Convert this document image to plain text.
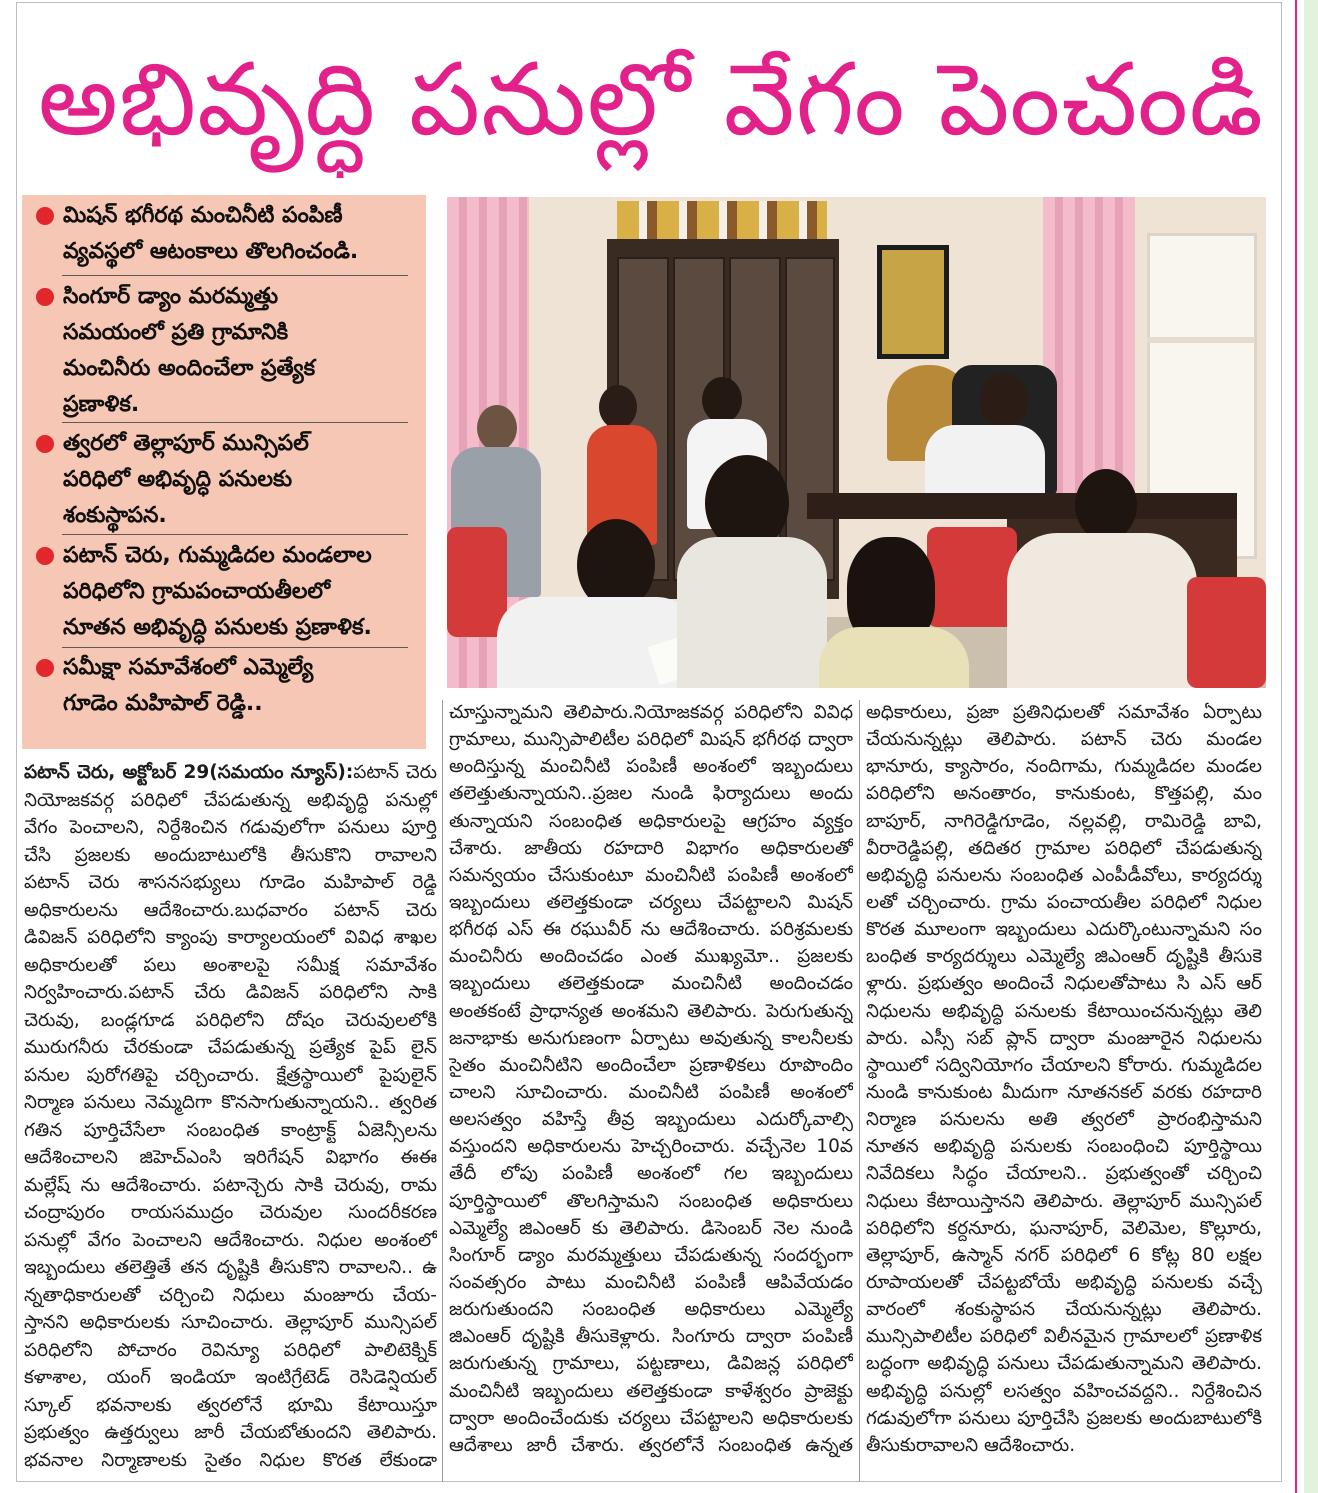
అభివృద్ధి పనుల్లో వేగం పెంచండి
మిషన్ భగీరథ మంచినీటి పంపిణీ
వ్యవస్థలో ఆటంకాలు తొలగించండి.
సింగూర్ డ్యాం మరమ్మత్తు
సమయంలో ప్రతి గ్రామానికి
మంచినీరు అందించేలా ప్రత్యేక
ప్రణాళిక.
త్వరలో తెల్లాపూర్ మున్సిపల్
పరిధిలో అభివృద్ధి పనులకు
శంకుస్థాపన.
పటాన్ చెరు, గుమ్మడిదల మండలాల
పరిధిలోని గ్రామపంచాయతీలలో
నూతన అభివృద్ధి పనులకు ప్రణాళిక.
సమీక్షా సమావేశంలో ఎమ్మెల్యే
గూడెం మహిపాల్ రెడ్డి..
పటాన్ చెరు, అక్టోబర్ 29(సమయం న్యూస్):పటాన్ చెరు
నియోజకవర్గ పరిధిలో చేపడుతున్న అభివృద్ధి పనుల్లో
వేగం పెంచాలని, నిర్దేశించిన గడువులోగా పనులు పూర్తి
చేసి ప్రజలకు అందుబాటులోకి తీసుకొని రావాలని
పటాన్ చెరు శాసనసభ్యులు గూడెం మహిపాల్ రెడ్డి
అధికారులను ఆదేశించారు.బుధవారం పటాన్ చెరు
డివిజన్ పరిధిలోని క్యాంపు కార్యాలయంలో వివిధ శాఖల
అధికారులతో పలు అంశాలపై సమీక్ష సమావేశం
నిర్వహించారు.పటాన్ చేరు డివిజన్ పరిధిలోని సాకి
చెరువు, బండ్లగూడ పరిధిలోని దోషం చెరువులలోకి
మురుగనీరు చేరకుండా చేపడుతున్న ప్రత్యేక పైప్ లైన్
పనుల పురోగతిపై చర్చించారు. క్షేత్రస్థాయిలో పైపులైన్
నిర్మాణ పనులు నెమ్మదిగా కొనసాగుతున్నాయని.. త్వరిత
గతిన పూర్తిచేసేలా సంబంధిత కాంట్రాక్ట్ ఏజెన్సీలను
ఆదేశించాలని జిహెచ్ఎంసి ఇరిగేషన్ విభాగం ఈఈ
మల్లేష్ ను ఆదేశించారు. పటాన్చెరు సాకి చెరువు, రామ
చంద్రాపురం రాయసముద్రం చెరువుల సుందరీకరణ
పనుల్లో వేగం పెంచాలని ఆదేశించారు. నిధుల అంశంలో
ఇబ్బందులు తలెత్తితే తన దృష్టికి తీసుకొని రావాలని.. ఉ
న్నతాధికారులతో చర్చించి నిధులు మంజూరు చేయ-
స్తానని అధికారులకు సూచించారు. తెల్లాపూర్ మున్సిపల్
పరిధిలోని పోచారం రెవిన్యూ పరిధిలో పాలిటెక్నిక్
కళాశాల, యంగ్ ఇండియా ఇంటిగ్రేటెడ్ రెసిడెన్షియల్
స్కూల్ భవనాలకు త్వరలోనే భూమి కేటాయిస్తూ
ప్రభుత్వం ఉత్తర్వులు జారీ చేయబోతుందని తెలిపారు.
భవనాల నిర్మాణాలకు సైతం నిధుల కొరత లేకుండా
చూస్తున్నామని తెలిపారు.నియోజకవర్గ పరిధిలోని వివిధ
గ్రామాలు, మున్సిపాలిటీల పరిధిలో మిషన్ భగీరథ ద్వారా
అందిస్తున్న మంచినీటి పంపిణీ అంశంలో ఇబ్బందులు
తలెత్తుతున్నాయని..ప్రజల నుండి ఫిర్యాదులు అందు
తున్నాయని సంబంధిత అధికారులపై ఆగ్రహం వ్యక్తం
చేశారు. జాతీయ రహదారి విభాగం అధికారులతో
సమన్వయం చేసుకుంటూ మంచినీటి పంపిణీ అంశంలో
ఇబ్బందులు తలెత్తకుండా చర్యలు చేపట్టాలని మిషన్
భగీరథ ఎస్ ఈ రఘువీర్ ను ఆదేశించారు. పరిశ్రమలకు
మంచినీరు అందించడం ఎంత ముఖ్యమో.. ప్రజలకు
ఇబ్బందులు తలెత్తకుండా మంచినీటి అందించడం
అంతకంటే ప్రాధాన్యత అంశమని తెలిపారు. పెరుగుతున్న
జనాభాకు అనుగుణంగా ఏర్పాటు అవుతున్న కాలనీలకు
సైతం మంచినీటిని అందించేలా ప్రణాళికలు రూపొందిం
చాలని సూచించారు. మంచినీటి పంపిణీ అంశంలో
అలసత్వం వహిస్తే తీవ్ర ఇబ్బందులు ఎదుర్కోవాల్సి
వస్తుందని అధికారులను హెచ్చరించారు. వచ్చేనెల 10వ
తేదీ లోపు పంపిణీ అంశంలో గల ఇబ్బందులు
పూర్తిస్థాయిలో తొలగిస్తామని సంబంధిత అధికారులు
ఎమ్మెల్యే జిఎంఆర్ కు తెలిపారు. డిసెంబర్ నెల నుండి
సింగూర్ డ్యాం మరమ్మత్తులు చేపడుతున్న సందర్భంగా
సంవత్సరం పాటు మంచినీటి పంపిణీ ఆపివేయడం
జరుగుతుందని సంబంధిత అధికారులు ఎమ్మెల్యే
జిఎంఆర్ దృష్టికి తీసుకెళ్లారు. సింగూరు ద్వారా పంపిణీ
జరుగుతున్న గ్రామాలు, పట్టణాలు, డివిజన్ల పరిధిలో
మంచినీటి ఇబ్బందులు తలెత్తకుండా కాళేశ్వరం ప్రాజెక్టు
ద్వారా అందించేందుకు చర్యలు చేపట్టాలని అధికారులకు
ఆదేశాలు జారీ చేశారు. త్వరలోనే సంబంధిత ఉన్నత
అధికారులు, ప్రజా ప్రతినిధులతో సమావేశం ఏర్పాటు
చేయనున్నట్లు తెలిపారు. పటాన్ చెరు మండల
భానూరు, క్యాసారం, నందిగామ, గుమ్మడిదల మండల
పరిధిలోని అనంతారం, కానుకుంట, కొత్తపల్లి, మం
బాపూర్, నాగిరెడ్డిగూడెం, నల్లవల్లి, రామిరెడ్డి బావి,
వీరారెడ్డిపల్లి, తదితర గ్రామాల పరిధిలో చేపడుతున్న
అభివృద్ధి పనులను సంబంధిత ఎంపీడీవోలు, కార్యదర్శు
లతో చర్చించారు. గ్రామ పంచాయతీల పరిధిలో నిధుల
కొరత మూలంగా ఇబ్బందులు ఎదుర్కొంటున్నామని సం
బంధిత కార్యదర్శులు ఎమ్మెల్యే జిఎంఆర్ దృష్టికి తీసుకె
ళ్లారు. ప్రభుత్వం అందించే నిధులతోపాటు సి ఎస్ ఆర్
నిధులను అభివృద్ధి పనులకు కేటాయించనున్నట్లు తెలి
పారు. ఎస్సీ సబ్ ప్లాన్ ద్వారా మంజూరైన నిధులను
స్థాయిలో సద్వినియోగం చేయాలని కోరారు. గుమ్మడిదల
నుండి కానుకుంట మీదుగా నూతనకల్ వరకు రహదారి
నిర్మాణ పనులను అతి త్వరలో ప్రారంభిస్తామని
నూతన అభివృద్ధి పనులకు సంబంధించి పూర్తిస్థాయి
నివేదికలు సిద్ధం చేయాలని.. ప్రభుత్వంతో చర్చించి
నిధులు కేటాయిస్తానని తెలిపారు. తెల్లాపూర్ మున్సిపల్
పరిధిలోని కర్దనూరు, ఘనాపూర్, వెలిమెల, కొల్లూరు,
తెల్లాపూర్, ఉస్మాన్ నగర్ పరిధిలో 6 కోట్ల 80 లక్షల
రూపాయలతో చేపట్టబోయే అభివృద్ధి పనులకు వచ్చే
వారంలో శంకుస్థాపన చేయనున్నట్లు తెలిపారు.
మున్సిపాలిటీల పరిధిలో విలీనమైన గ్రామాలలో ప్రణాళిక
బద్ధంగా అభివృద్ధి పనులు చేపడుతున్నామని తెలిపారు.
అభివృద్ధి పనుల్లో లసత్వం వహించవద్దని.. నిర్దేశించిన
గడువులోగా పనులు పూర్తిచేసి ప్రజలకు అందుబాటులోకి
తీసుకురావాలని ఆదేశించారు.
